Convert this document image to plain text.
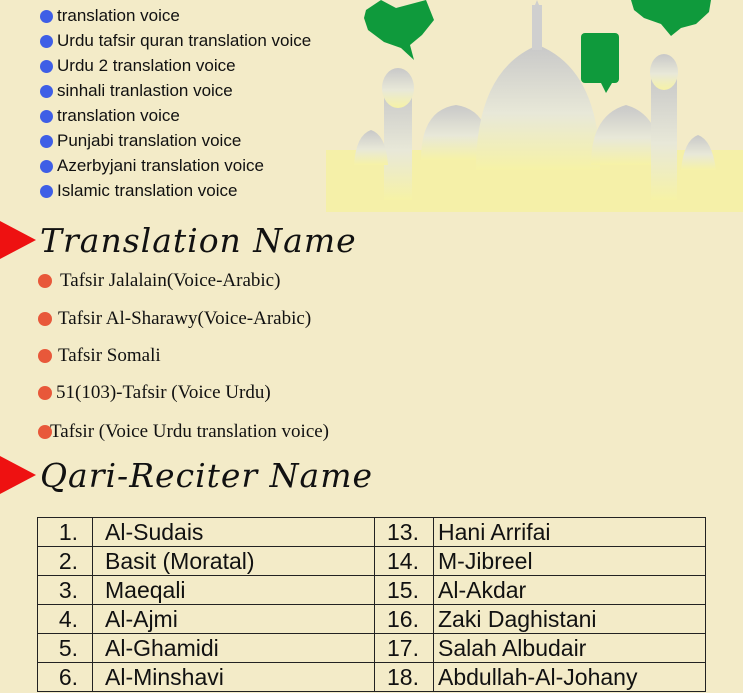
translation voice
Urdu tafsir quran translation voice
Urdu 2 translation voice
sinhali tranlastion voice
translation voice
Punjabi translation voice
Azerbyjani translation voice
Islamic translation voice
Translation Name
Tafsir Jalalain(Voice-Arabic)
Tafsir Al-Sharawy(Voice-Arabic)
Tafsir Somali
51(103)-Tafsir (Voice Urdu)
Tafsir (Voice Urdu translation voice)
Qari-Reciter Name
1.	Al-Sudais	13.	Hani Arrifai
2.	Basit (Moratal)	14.	M-Jibreel
3.	Maeqali	15.	Al-Akdar
4.	Al-Ajmi	16.	Zaki Daghistani
5.	Al-Ghamidi	17.	Salah Albudair
6.	Al-Minshavi	18.	Abdullah-Al-Johany
